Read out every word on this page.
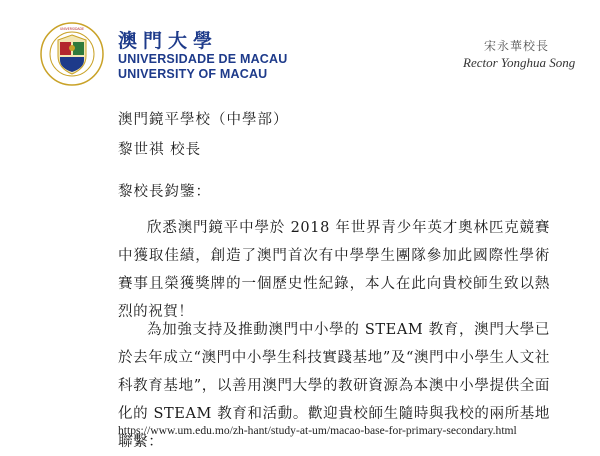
UNIVERSIDADE
澳門大學
UNIVERSIDADE DE MACAU
UNIVERSITY OF MACAU
宋永華校長
Rector Yonghua Song
澳門鏡平學校（中學部）
黎世祺 校長
黎校長鈞鑒：

欣悉澳門鏡平中學於 2018 年世界青少年英才奧林匹克競賽中獲取佳績，創造了澳門首次有中學學生團隊參加此國際性學術賽事且榮獲獎牌的一個歷史性紀錄，本人在此向貴校師生致以熱烈的祝賀！

為加強支持及推動澳門中小學的 STEAM 教育，澳門大學已於去年成立“澳門中小學生科技實踐基地”及“澳門中小學生人文社科教育基地”，以善用澳門大學的教研資源為本澳中小學提供全面化的 STEAM 教育和活動。歡迎貴校師生隨時與我校的兩所基地聯繫：

https://www.um.edu.mo/zh-hant/study-at-um/macao-base-for-primary-secondary.html
